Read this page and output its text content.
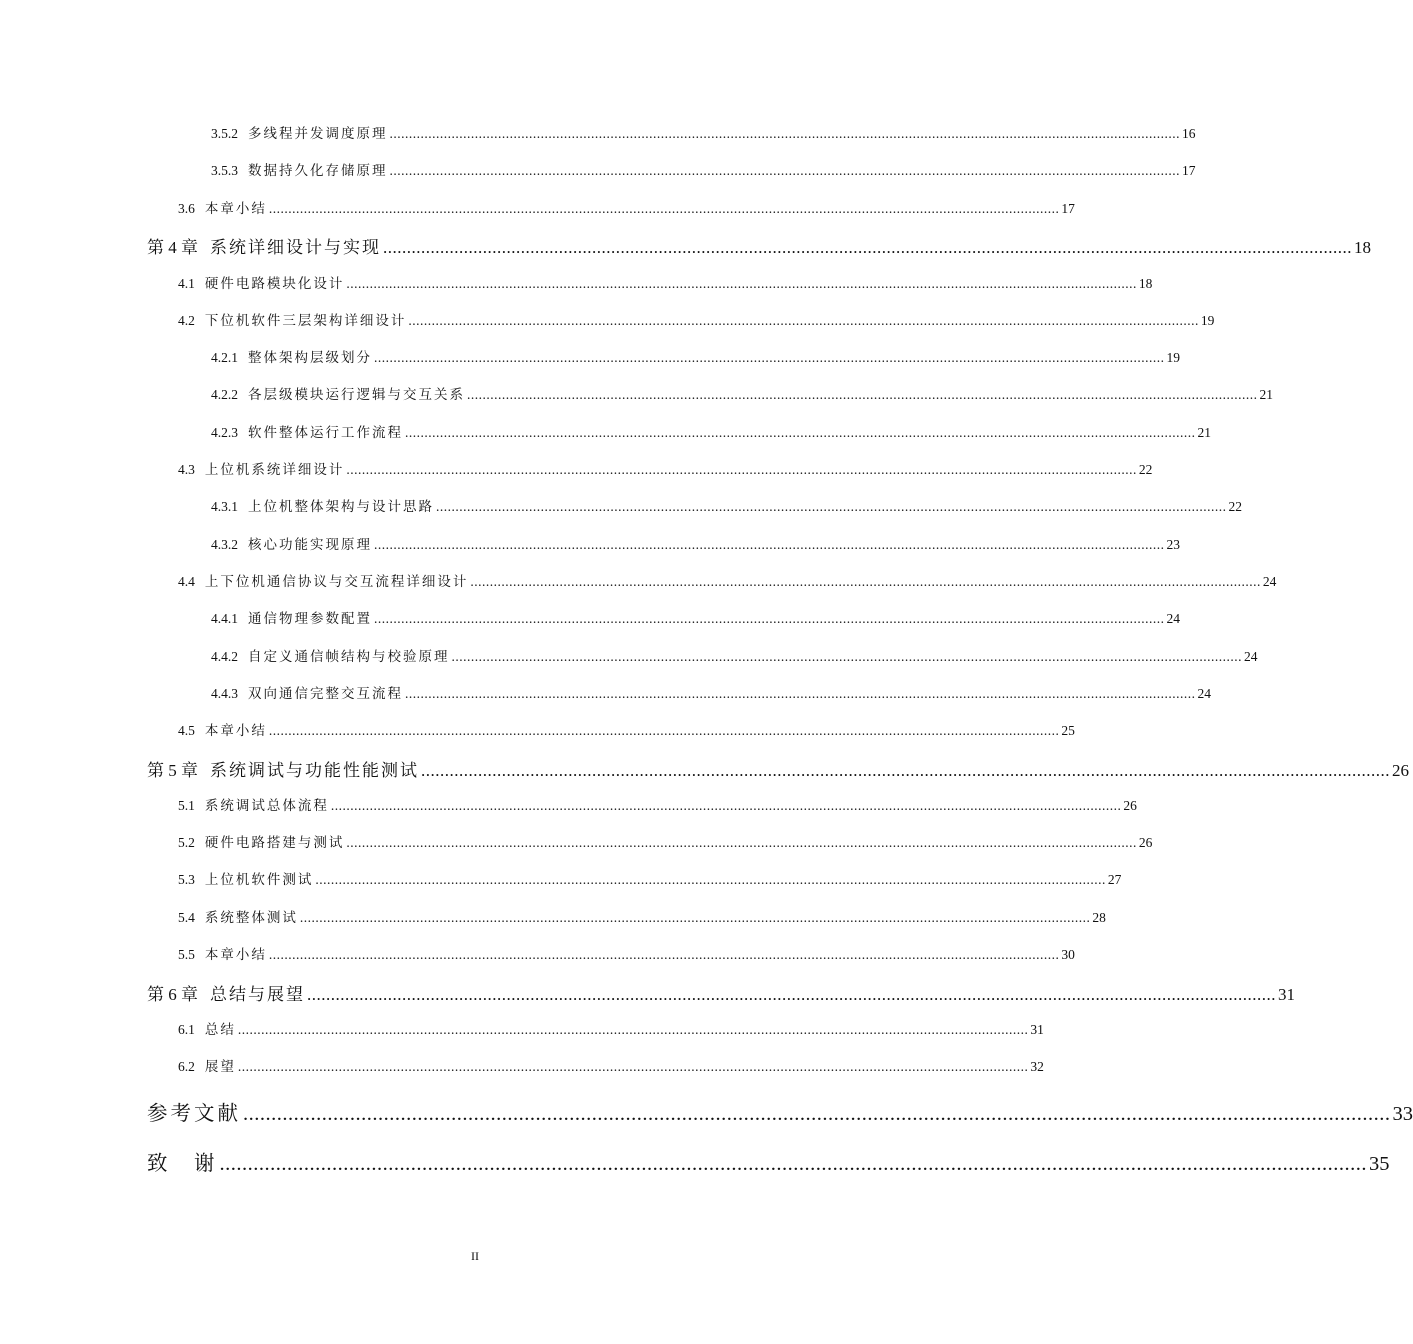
3.5.2 多线程并发调度原理 ............................................................................................................................................................................................................ 16
3.5.3 数据持久化存储原理 ............................................................................................................................................................................................................ 17
3.6 本章小结 ............................................................................................................................................................................................................ 17
第 4 章 系统详细设计与实现 ............................................................................................................................................................................................................ 18
4.1 硬件电路模块化设计 ............................................................................................................................................................................................................ 18
4.2 下位机软件三层架构详细设计 ............................................................................................................................................................................................................ 19
4.2.1 整体架构层级划分 ............................................................................................................................................................................................................ 19
4.2.2 各层级模块运行逻辑与交互关系 ............................................................................................................................................................................................................ 21
4.2.3 软件整体运行工作流程 ............................................................................................................................................................................................................ 21
4.3 上位机系统详细设计 ............................................................................................................................................................................................................ 22
4.3.1 上位机整体架构与设计思路 ............................................................................................................................................................................................................ 22
4.3.2 核心功能实现原理 ............................................................................................................................................................................................................ 23
4.4 上下位机通信协议与交互流程详细设计 ............................................................................................................................................................................................................ 24
4.4.1 通信物理参数配置 ............................................................................................................................................................................................................ 24
4.4.2 自定义通信帧结构与校验原理 ............................................................................................................................................................................................................ 24
4.4.3 双向通信完整交互流程 ............................................................................................................................................................................................................ 24
4.5 本章小结 ............................................................................................................................................................................................................ 25
第 5 章 系统调试与功能性能测试 ............................................................................................................................................................................................................ 26
5.1 系统调试总体流程 ............................................................................................................................................................................................................ 26
5.2 硬件电路搭建与测试 ............................................................................................................................................................................................................ 26
5.3 上位机软件测试 ............................................................................................................................................................................................................ 27
5.4 系统整体测试 ............................................................................................................................................................................................................ 28
5.5 本章小结 ............................................................................................................................................................................................................ 30
第 6 章 总结与展望 ............................................................................................................................................................................................................ 31
6.1 总结 ............................................................................................................................................................................................................ 31
6.2 展望 ............................................................................................................................................................................................................ 32
参考文献 ............................................................................................................................................................................................................ 33
致　谢 ............................................................................................................................................................................................................ 35
II
